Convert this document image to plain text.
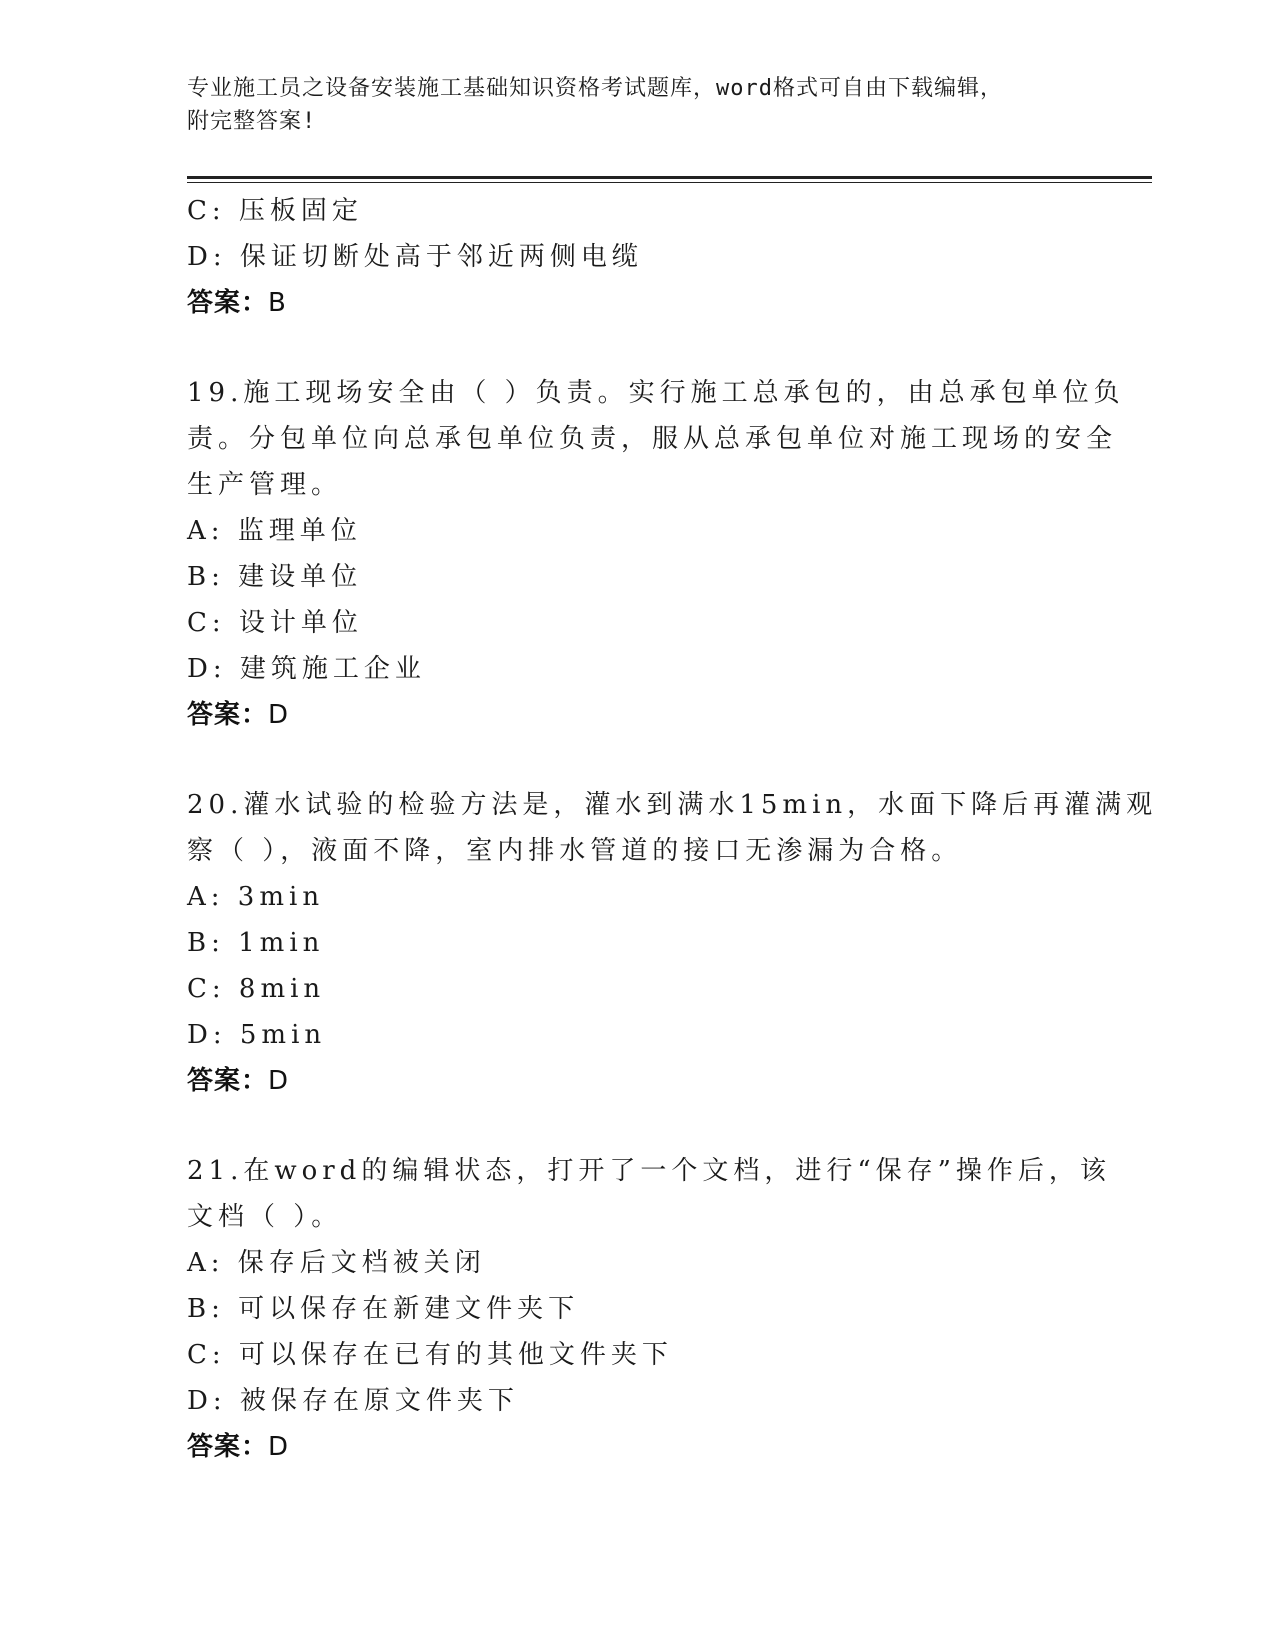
专业施工员之设备安装施工基础知识资格考试题库，word格式可自由下载编辑，
附完整答案!
C: 压板固定
D: 保证切断处高于邻近两侧电缆
答案：B
19.施工现场安全由（ ）负责。实行施工总承包的，由总承包单位负
责。分包单位向总承包单位负责，服从总承包单位对施工现场的安全
生产管理。
A: 监理单位
B: 建设单位
C: 设计单位
D: 建筑施工企业
答案：D
20.灌水试验的检验方法是，灌水到满水15min，水面下降后再灌满观
察（ ），液面不降，室内排水管道的接口无渗漏为合格。
A: 3min
B: 1min
C: 8min
D: 5min
答案：D
21.在word的编辑状态，打开了一个文档，进行“保存”操作后，该
文档（ ）。
A: 保存后文档被关闭
B: 可以保存在新建文件夹下
C: 可以保存在已有的其他文件夹下
D: 被保存在原文件夹下
答案：D
